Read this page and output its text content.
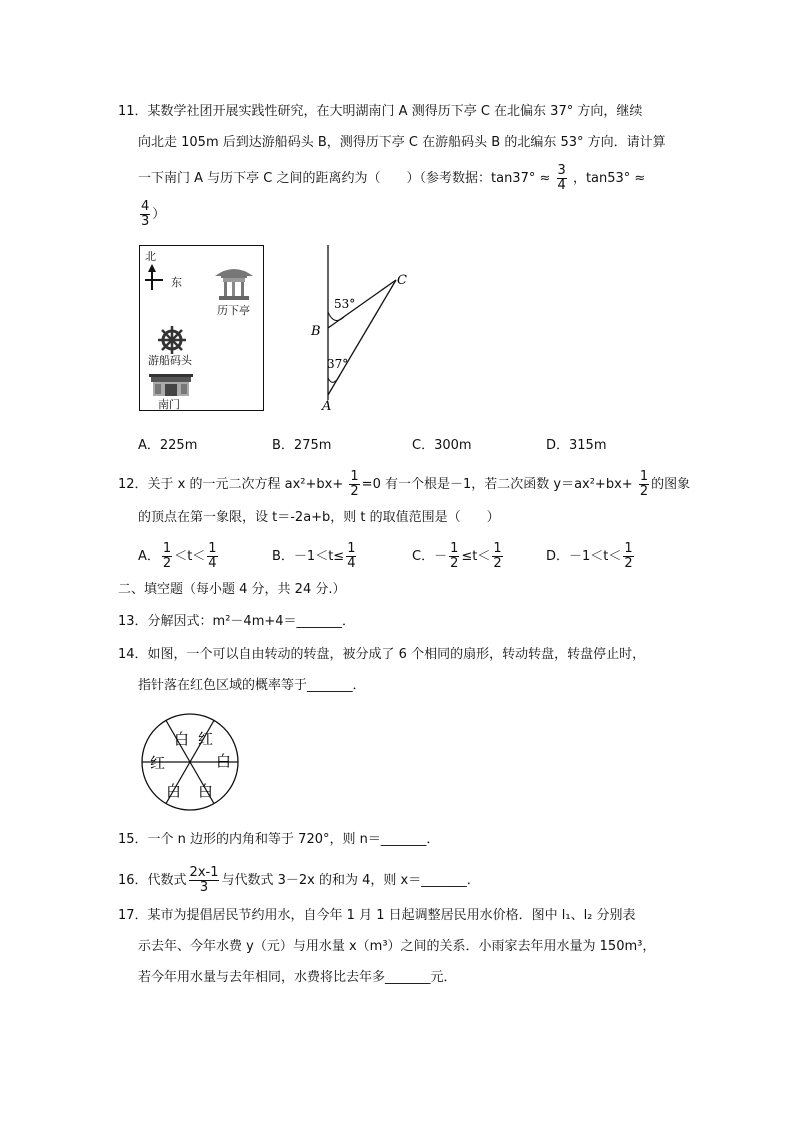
11．某数学社团开展实践性研究，在大明湖南门 A 测得历下亭 C 在北偏东 37° 方向，继续
向北走 105m 后到达游船码头 B，测得历下亭 C 在游船码头 B 的北编东 53° 方向．请计算
一下南门 A 与历下亭 C 之间的距离约为（　　）（参考数据：$\tan 37^\circ \approx \frac{3}{4}$ ，tan53° ≈
$\frac{4}{3}$ ）
北
东
历下亭
游船码头
南门
C
B
A
53°
37°
A．225m	B．275m	C．300m	D．315m
12．关于 x 的一元二次方程 $ax^2+bx+ \frac{1}{2} =0$ 有一个根是－1，若二次函数 $y=ax^2+bx+ \frac{1}{2}$ 的图象
的顶点在第一象限，设 t＝-2a+b，则 t 的取值范围是（　　）
A． $\frac{1}{2} <t< \frac{1}{4}$	B．$-1<t\le \frac{1}{4}$	C．－ $\frac{1}{2} \le t< \frac{1}{2}$	D．$-1<t< \frac{1}{2}$
二、填空题（每小题 4 分，共 24 分.）
13．分解因式：m²－4m+4＝_______．
14．如图，一个可以自由转动的转盘，被分成了 6 个相同的扇形，转动转盘，转盘停止时，
指针落在红色区域的概率等于_______．
白 红
白
白
白
红
15．一个 n 边形的内角和等于 720°，则 n＝_______．
16．代数式 $\frac{2x-1}{3}$ 与代数式 3－2x 的和为 4，则 x＝_______．
17．某市为提倡居民节约用水，自今年 1 月 1 日起调整居民用水价格．图中 l₁、l₂ 分别表
示去年、今年水费 y（元）与用水量 x（m³）之间的关系．小雨家去年用水量为 150m³，
若今年用水量与去年相同，水费将比去年多_______元．
